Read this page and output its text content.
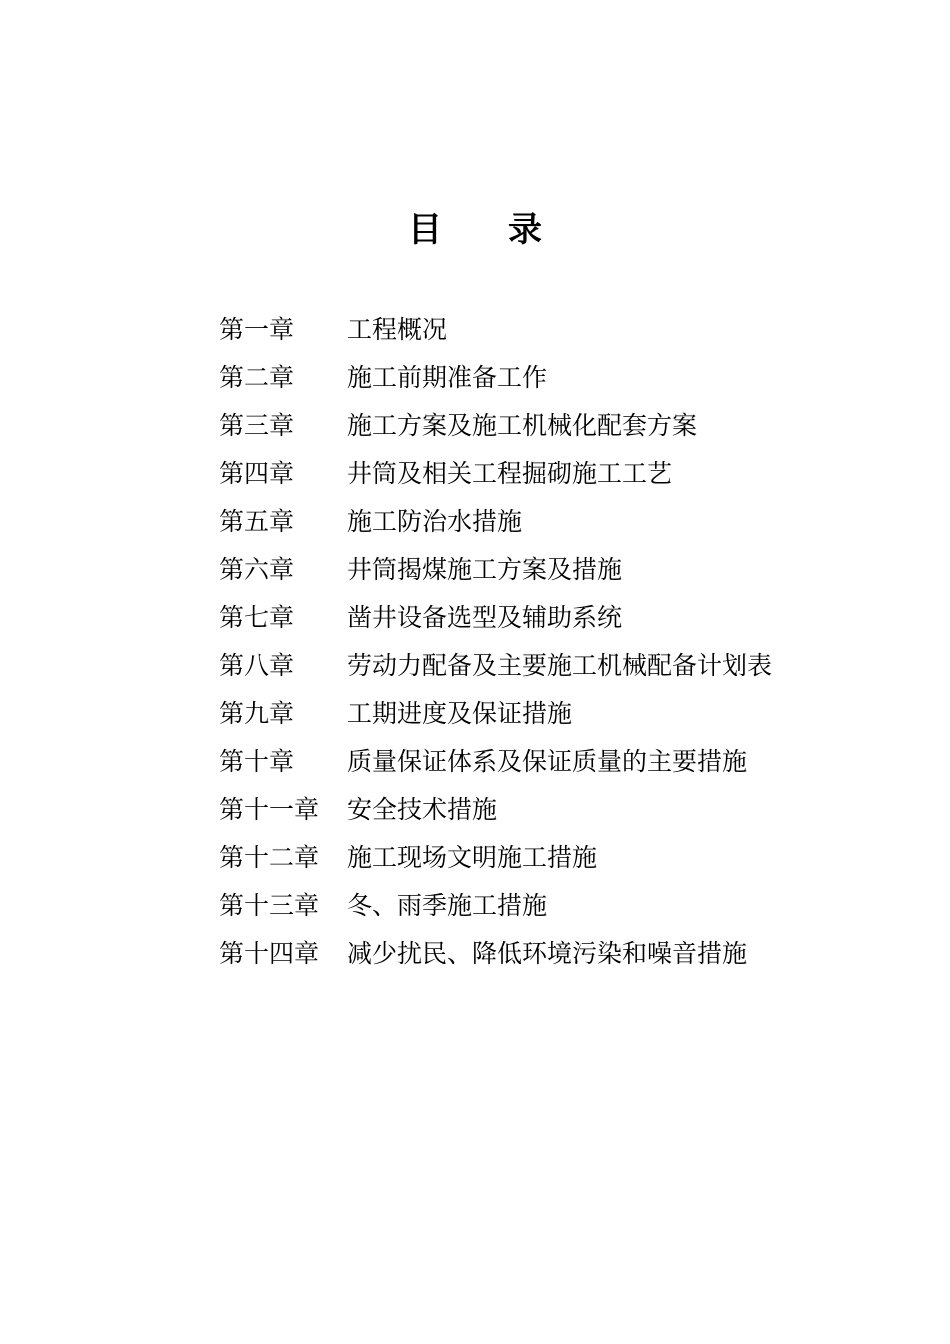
目 录
第一章	工程概况
第二章	施工前期准备工作
第三章	施工方案及施工机械化配套方案
第四章	井筒及相关工程掘砌施工工艺
第五章	施工防治水措施
第六章	井筒揭煤施工方案及措施
第七章	凿井设备选型及辅助系统
第八章	劳动力配备及主要施工机械配备计划表
第九章	工期进度及保证措施
第十章	质量保证体系及保证质量的主要措施
第十一章	安全技术措施
第十二章	施工现场文明施工措施
第十三章	冬、雨季施工措施
第十四章	减少扰民、降低环境污染和噪音措施
